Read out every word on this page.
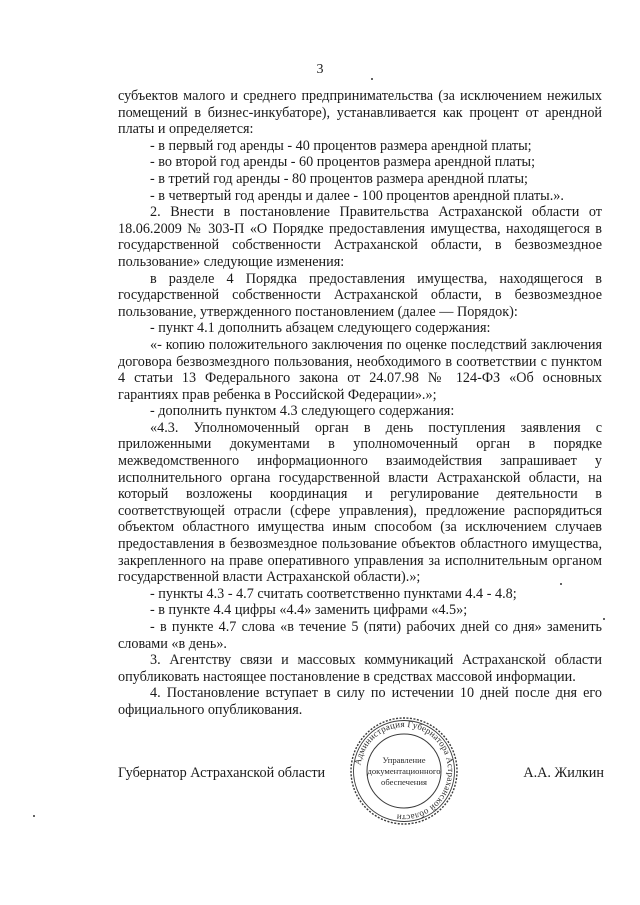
3

субъектов малого и среднего предпринимательства (за исключением нежилых помещений в бизнес-инкубаторе), устанавливается как процент от арендной платы и определяется:

- в первый год аренды - 40 процентов размера арендной платы;

- во второй год аренды - 60 процентов размера арендной платы;

- в третий год аренды - 80 процентов размера арендной платы;

- в четвертый год аренды и далее - 100 процентов арендной платы.».

2. Внести в постановление Правительства Астраханской области от 18.06.2009 № 303-П «О Порядке предоставления имущества, находящегося в государственной собственности Астраханской области, в безвозмездное пользование» следующие изменения:

в разделе 4 Порядка предоставления имущества, находящегося в государственной собственности Астраханской области, в безвозмездное пользование, утвержденного постановлением (далее — Порядок):

- пункт 4.1 дополнить абзацем следующего содержания:

«- копию положительного заключения по оценке последствий заключения договора безвозмездного пользования, необходимого в соответствии с пунктом 4 статьи 13 Федерального закона от 24.07.98 № 124-ФЗ «Об основных гарантиях прав ребенка в Российской Федерации».»;

- дополнить пунктом 4.3 следующего содержания:

«4.3. Уполномоченный орган в день поступления заявления с приложенными документами в уполномоченный орган в порядке межведомственного информационного взаимодействия запрашивает у исполнительного органа государственной власти Астраханской области, на который возложены координация и регулирование деятельности в соответствующей отрасли (сфере управления), предложение распорядиться объектом областного имущества иным способом (за исключением случаев предоставления в безвозмездное пользование объектов областного имущества, закрепленного на праве оперативного управления за исполнительным органом государственной власти Астраханской области).»;

- пункты 4.3 - 4.7 считать соответственно пунктами 4.4 - 4.8;

- в пункте 4.4 цифры «4.4» заменить цифрами «4.5»;

- в пункте 4.7 слова «в течение 5 (пяти) рабочих дней со дня» заменить словами «в день».

3. Агентству связи и массовых коммуникаций Астраханской области опубликовать настоящее постановление в средствах массовой информации.

4. Постановление вступает в силу по истечении 10 дней после дня его официального опубликования.

Губернатор Астраханской области	А.А. Жилкин
Администрация Губернатора Астраханской области
Управление
документационного
обеспечения
